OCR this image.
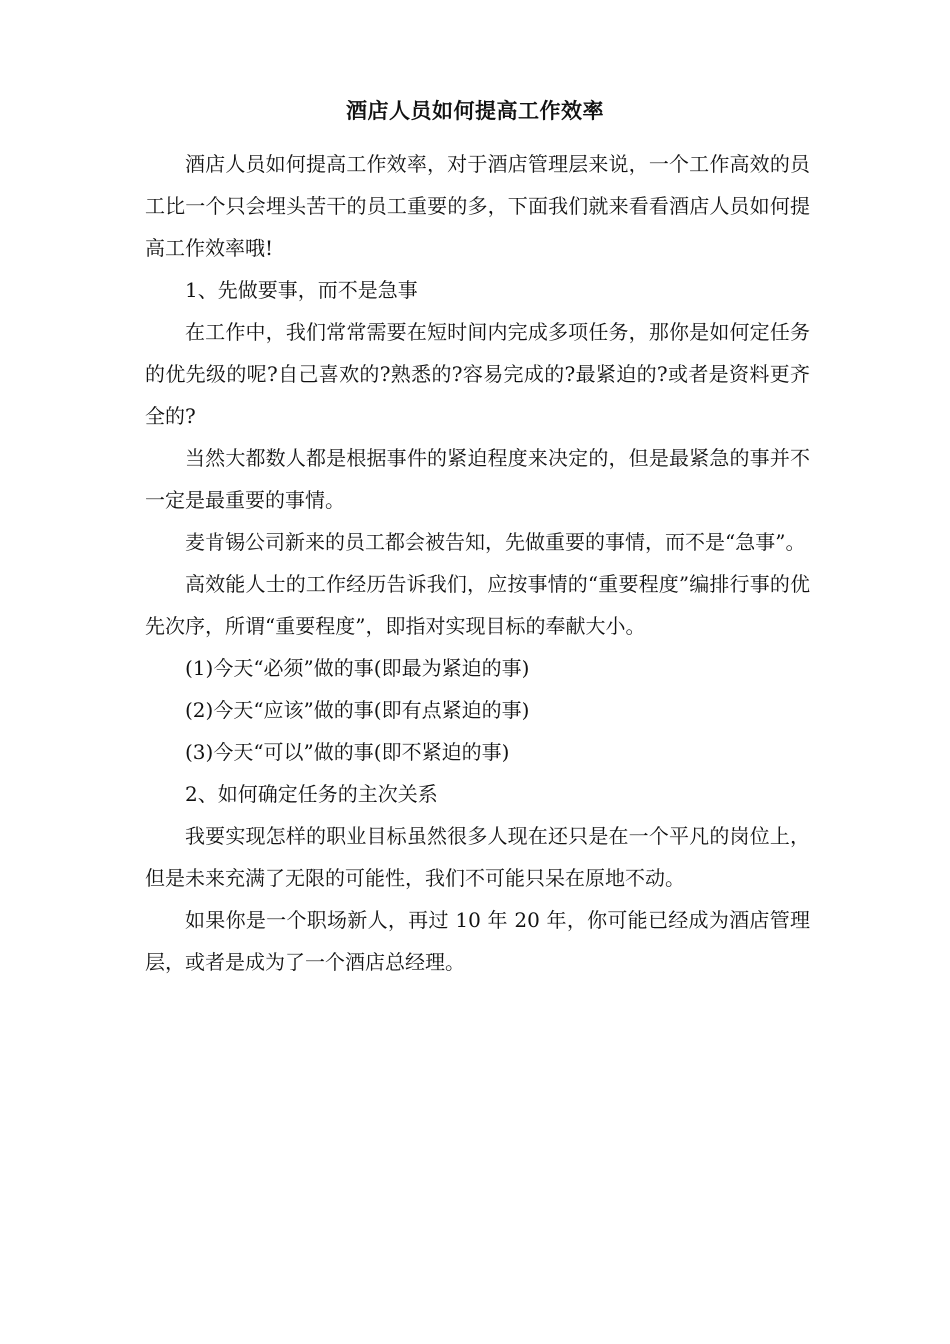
酒店人员如何提高工作效率

酒店人员如何提高工作效率，对于酒店管理层来说，一个工作高效的员工比一个只会埋头苦干的员工重要的多，下面我们就来看看酒店人员如何提高工作效率哦!

1、先做要事，而不是急事

在工作中，我们常常需要在短时间内完成多项任务，那你是如何定任务的优先级的呢?自己喜欢的?熟悉的?容易完成的?最紧迫的?或者是资料更齐全的?

当然大都数人都是根据事件的紧迫程度来决定的，但是最紧急的事并不一定是最重要的事情。

麦肯锡公司新来的员工都会被告知，先做重要的事情，而不是“急事”。

高效能人士的工作经历告诉我们，应按事情的“重要程度”编排行事的优先次序，所谓“重要程度”，即指对实现目标的奉献大小。

(1)今天“必须”做的事(即最为紧迫的事)

(2)今天“应该”做的事(即有点紧迫的事)

(3)今天“可以”做的事(即不紧迫的事)

2、如何确定任务的主次关系

我要实现怎样的职业目标虽然很多人现在还只是在一个平凡的岗位上，但是未来充满了无限的可能性，我们不可能只呆在原地不动。

如果你是一个职场新人，再过 10 年 20 年，你可能已经成为酒店管理层，或者是成为了一个酒店总经理。
